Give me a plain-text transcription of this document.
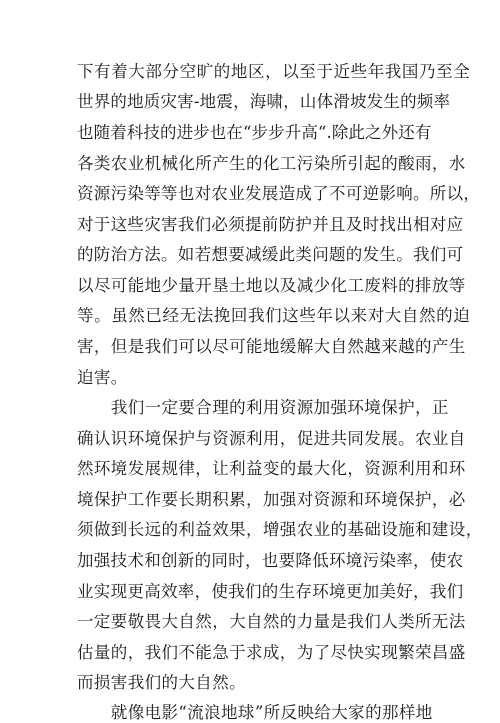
下有着大部分空旷的地区，以至于近些年我国乃至全
世界的地质灾害-地震，海啸，山体滑坡发生的频率
也随着科技的进步也在“步步升高“.除此之外还有
各类农业机械化所产生的化工污染所引起的酸雨，水
资源污染等等也对农业发展造成了不可逆影响。所以，
对于这些灾害我们必须提前防护并且及时找出相对应
的防治方法。如若想要减缓此类问题的发生。我们可
以尽可能地少量开垦土地以及减少化工废料的排放等
等。虽然已经无法挽回我们这些年以来对大自然的迫
害，但是我们可以尽可能地缓解大自然越来越的产生
迫害。
　　我们一定要合理的利用资源加强环境保护，正
确认识环境保护与资源利用，促进共同发展。农业自
然环境发展规律，让利益变的最大化，资源利用和环
境保护工作要长期积累，加强对资源和环境保护，必
须做到长远的利益效果，增强农业的基础设施和建设，
加强技术和创新的同时，也要降低环境污染率，使农
业实现更高效率，使我们的生存环境更加美好，我们
一定要敬畏大自然，大自然的力量是我们人类所无法
估量的，我们不能急于求成，为了尽快实现繁荣昌盛
而损害我们的大自然。
　　就像电影“流浪地球”所反映给大家的那样地
